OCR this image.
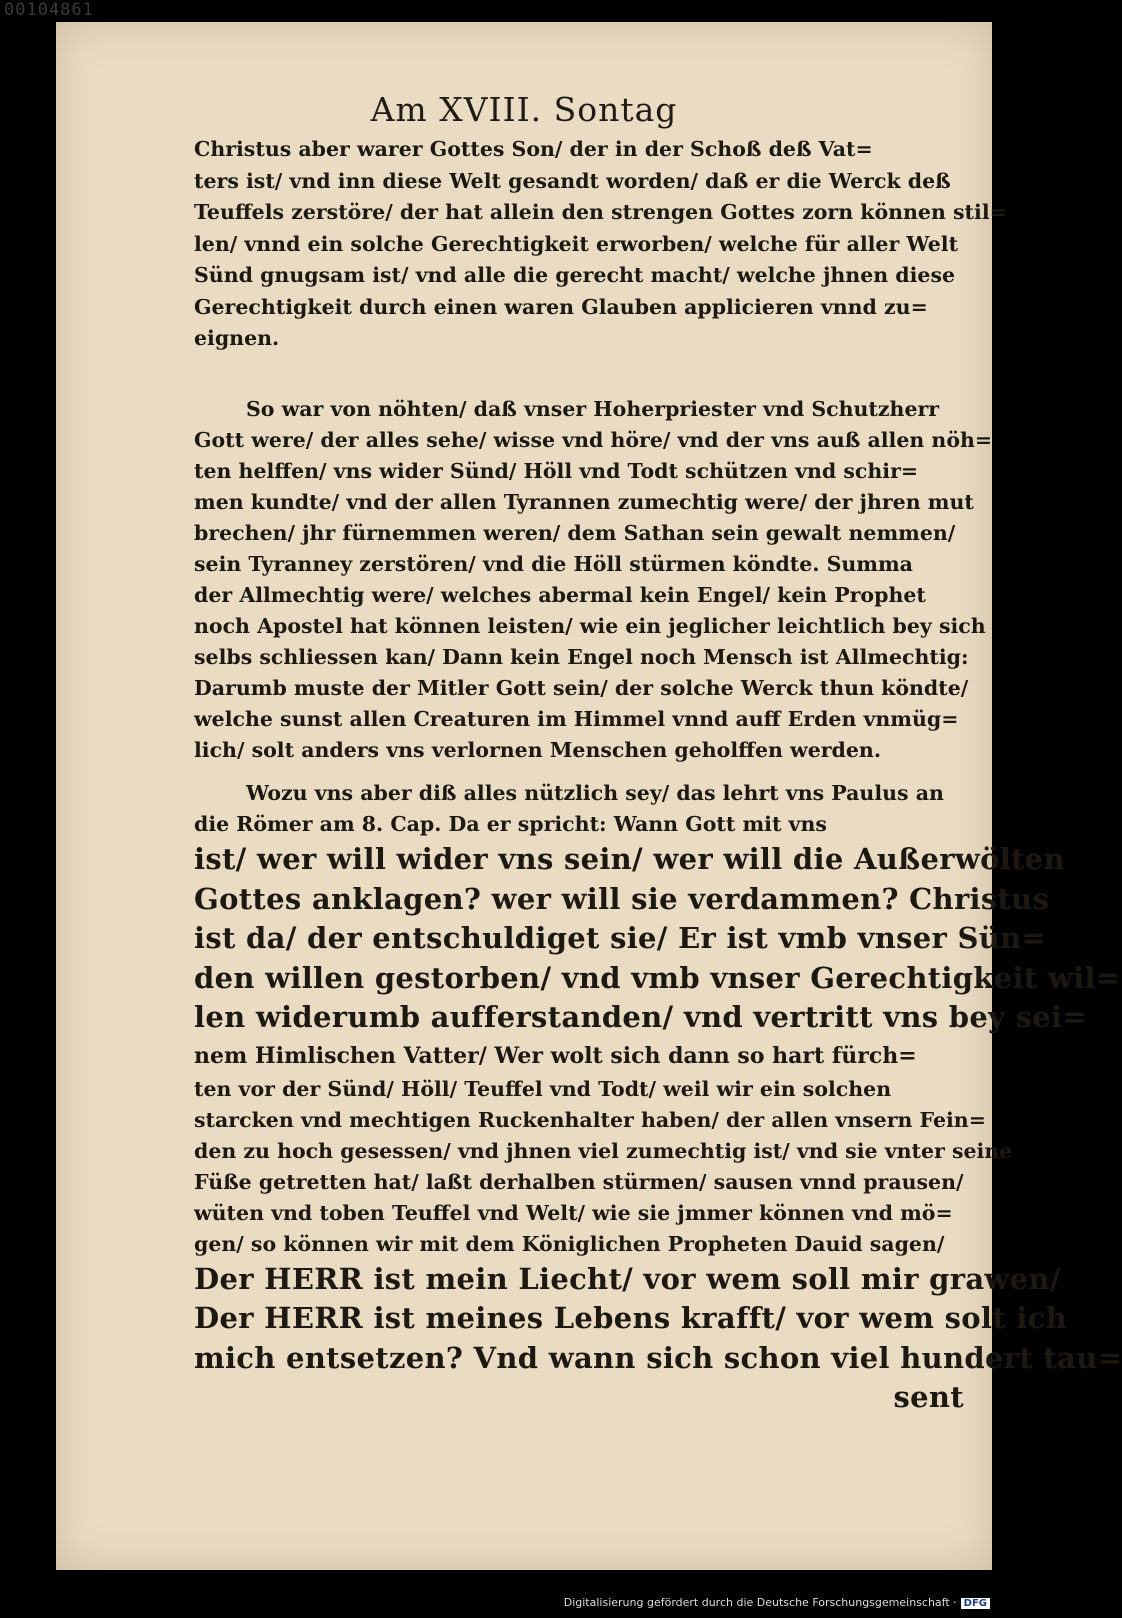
00104861
Am XVIII. Sontag
Christus aber warer Gottes Son/ der in der Schoß deß Vat=
ters ist/ vnd inn diese Welt gesandt worden/ daß er die Werck deß
Teuffels zerstöre/ der hat allein den strengen Gottes zorn können stil=
len/ vnnd ein solche Gerechtigkeit erworben/ welche für aller Welt
Sünd gnugsam ist/ vnd alle die gerecht macht/ welche jhnen diese
Gerechtigkeit durch einen waren Glauben applicieren vnnd zu=
eignen.
So war von nöhten/ daß vnser Hoherpriester vnd Schutzherr
Gott were/ der alles sehe/ wisse vnd höre/ vnd der vns auß allen nöh=
ten helffen/ vns wider Sünd/ Höll vnd Todt schützen vnd schir=
men kundte/ vnd der allen Tyrannen zumechtig were/ der jhren mut
brechen/ jhr fürnemmen weren/ dem Sathan sein gewalt nemmen/
sein Tyranney zerstören/ vnd die Höll stürmen köndte. Summa
der Allmechtig were/ welches abermal kein Engel/ kein Prophet
noch Apostel hat können leisten/ wie ein jeglicher leichtlich bey sich
selbs schliessen kan/ Dann kein Engel noch Mensch ist Allmechtig:
Darumb muste der Mitler Gott sein/ der solche Werck thun köndte/
welche sunst allen Creaturen im Himmel vnnd auff Erden vnmüg=
lich/ solt anders vns verlornen Menschen geholffen werden.
Wozu vns aber diß alles nützlich sey/ das lehrt vns Paulus an
die Römer am 8. Cap. Da er spricht: Wann Gott mit vns
ist/ wer will wider vns sein/ wer will die Außerwölten
Gottes anklagen? wer will sie verdammen? Christus
ist da/ der entschuldiget sie/ Er ist vmb vnser Sün=
den willen gestorben/ vnd vmb vnser Gerechtigkeit wil=
len widerumb aufferstanden/ vnd vertritt vns bey sei=
nem Himlischen Vatter/ Wer wolt sich dann so hart fürch=
ten vor der Sünd/ Höll/ Teuffel vnd Todt/ weil wir ein solchen
starcken vnd mechtigen Ruckenhalter haben/ der allen vnsern Fein=
den zu hoch gesessen/ vnd jhnen viel zumechtig ist/ vnd sie vnter seine
Füße getretten hat/ laßt derhalben stürmen/ sausen vnnd prausen/
wüten vnd toben Teuffel vnd Welt/ wie sie jmmer können vnd mö=
gen/ so können wir mit dem Königlichen Propheten Dauid sagen/
Der HERR ist mein Liecht/ vor wem soll mir grawen/
Der HERR ist meines Lebens krafft/ vor wem solt ich
mich entsetzen? Vnd wann sich schon viel hundert tau=
sent
Digitalisierung gefördert durch die Deutsche Forschungsgemeinschaft · DFG
